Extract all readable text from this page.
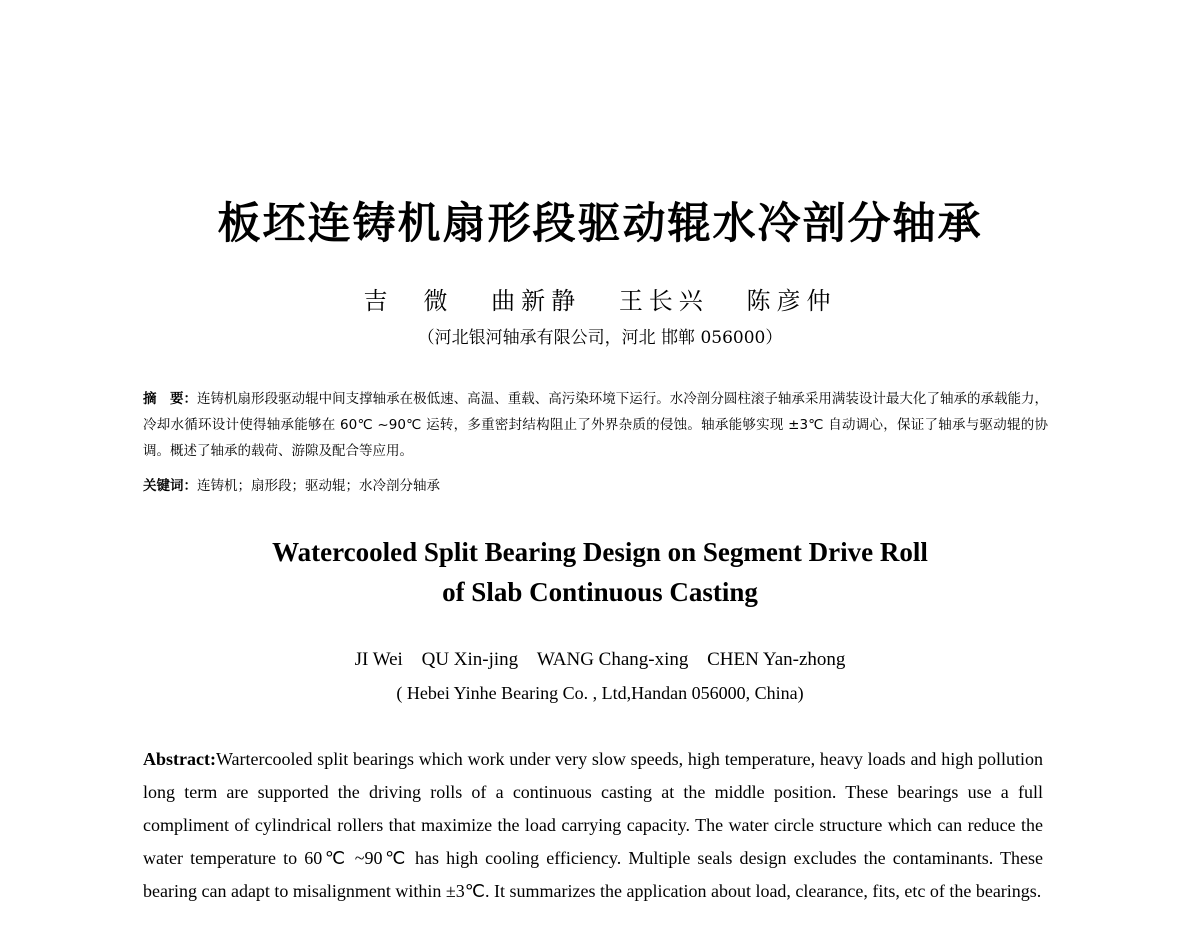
板坯连铸机扇形段驱动辊水冷剖分轴承
吉　微 曲新静 王长兴 陈彦仲
（河北银河轴承有限公司，河北 邯郸 056000）
摘　要：连铸机扇形段驱动辊中间支撑轴承在极低速、高温、重载、高污染环境下运行。水冷剖分圆柱滚子轴承采用满装设计最大化了轴承的承载能力，冷却水循环设计使得轴承能够在 60℃ ~90℃ 运转，多重密封结构阻止了外界杂质的侵蚀。轴承能够实现 ±3℃ 自动调心，保证了轴承与驱动辊的协调。概述了轴承的载荷、游隙及配合等应用。
关键词：连铸机；扇形段；驱动辊；水冷剖分轴承
Watercooled Split Bearing Design on Segment Drive Roll
of Slab Continuous Casting
JI Wei QU Xin-jing WANG Chang-xing CHEN Yan-zhong
( Hebei Yinhe Bearing Co. , Ltd,Handan 056000, China)
Abstract:Wartercooled split bearings which work under very slow speeds, high temperature, heavy loads and high pollution long term are supported the driving rolls of a continuous casting at the middle position. These bearings use a full compliment of cylindrical rollers that maximize the load carrying capacity. The water circle structure which can reduce the water temperature to 60℃ ~90℃ has high cooling efficiency. Multiple seals design excludes the contaminants. These bearing can adapt to misalignment within ±3℃. It summarizes the application about load, clearance, fits, etc of the bearings.
